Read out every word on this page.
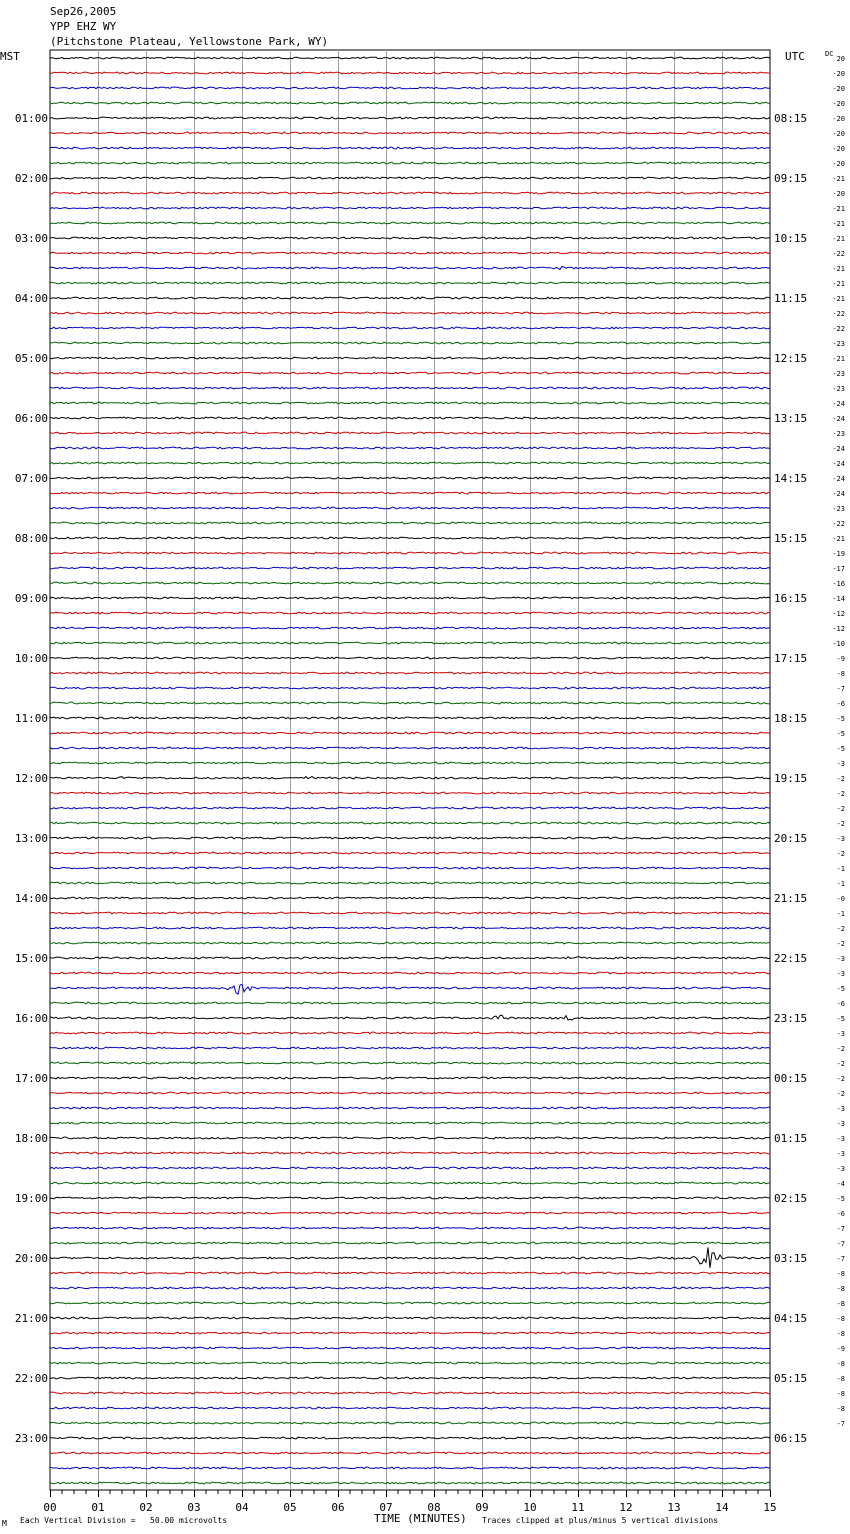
Sep26,2005
YPP EHZ WY
(Pitchstone Plateau, Yellowstone Park, WY)
20
-20
-20
-20
-20
-20
-20
-20
-21
-20
-21
-21
-21
-22
-21
-21
-21
-22
-22
-23
-21
-23
-23
-24
-24
-23
-24
-24
-24
-24
-23
-22
-21
-19
-17
-16
-14
-12
-12
-10
-9
-8
-7
-6
-5
-5
-5
-3
-2
-2
-2
-2
-3
-2
-1
-1
-0
-1
-2
-2
-3
-3
-5
-6
-5
-3
-2
-2
-2
-2
-3
-3
-3
-3
-3
-4
-5
-6
-7
-7
-7
-8
-8
-8
-8
-8
-9
-8
-8
-8
-8
-7
01:00	08:15
02:00	09:15
03:00	10:15
04:00	11:15
05:00	12:15
06:00	13:15
07:00	14:15
08:00	15:15
09:00	16:15
10:00	17:15
11:00	18:15
12:00	19:15
13:00	20:15
14:00	21:15
15:00	22:15
16:00	23:15
17:00	00:15
18:00	01:15
19:00	02:15
20:00	03:15
21:00	04:15
22:00	05:15
23:00	06:15
MST	UTC	DC
00	01	02	03	04	05	06	07	08	09	10	11	12	13	14	15
TIME (MINUTES)
M Each Vertical Division =   50.00 microvolts	Traces clipped at plus/minus 5 vertical divisions
